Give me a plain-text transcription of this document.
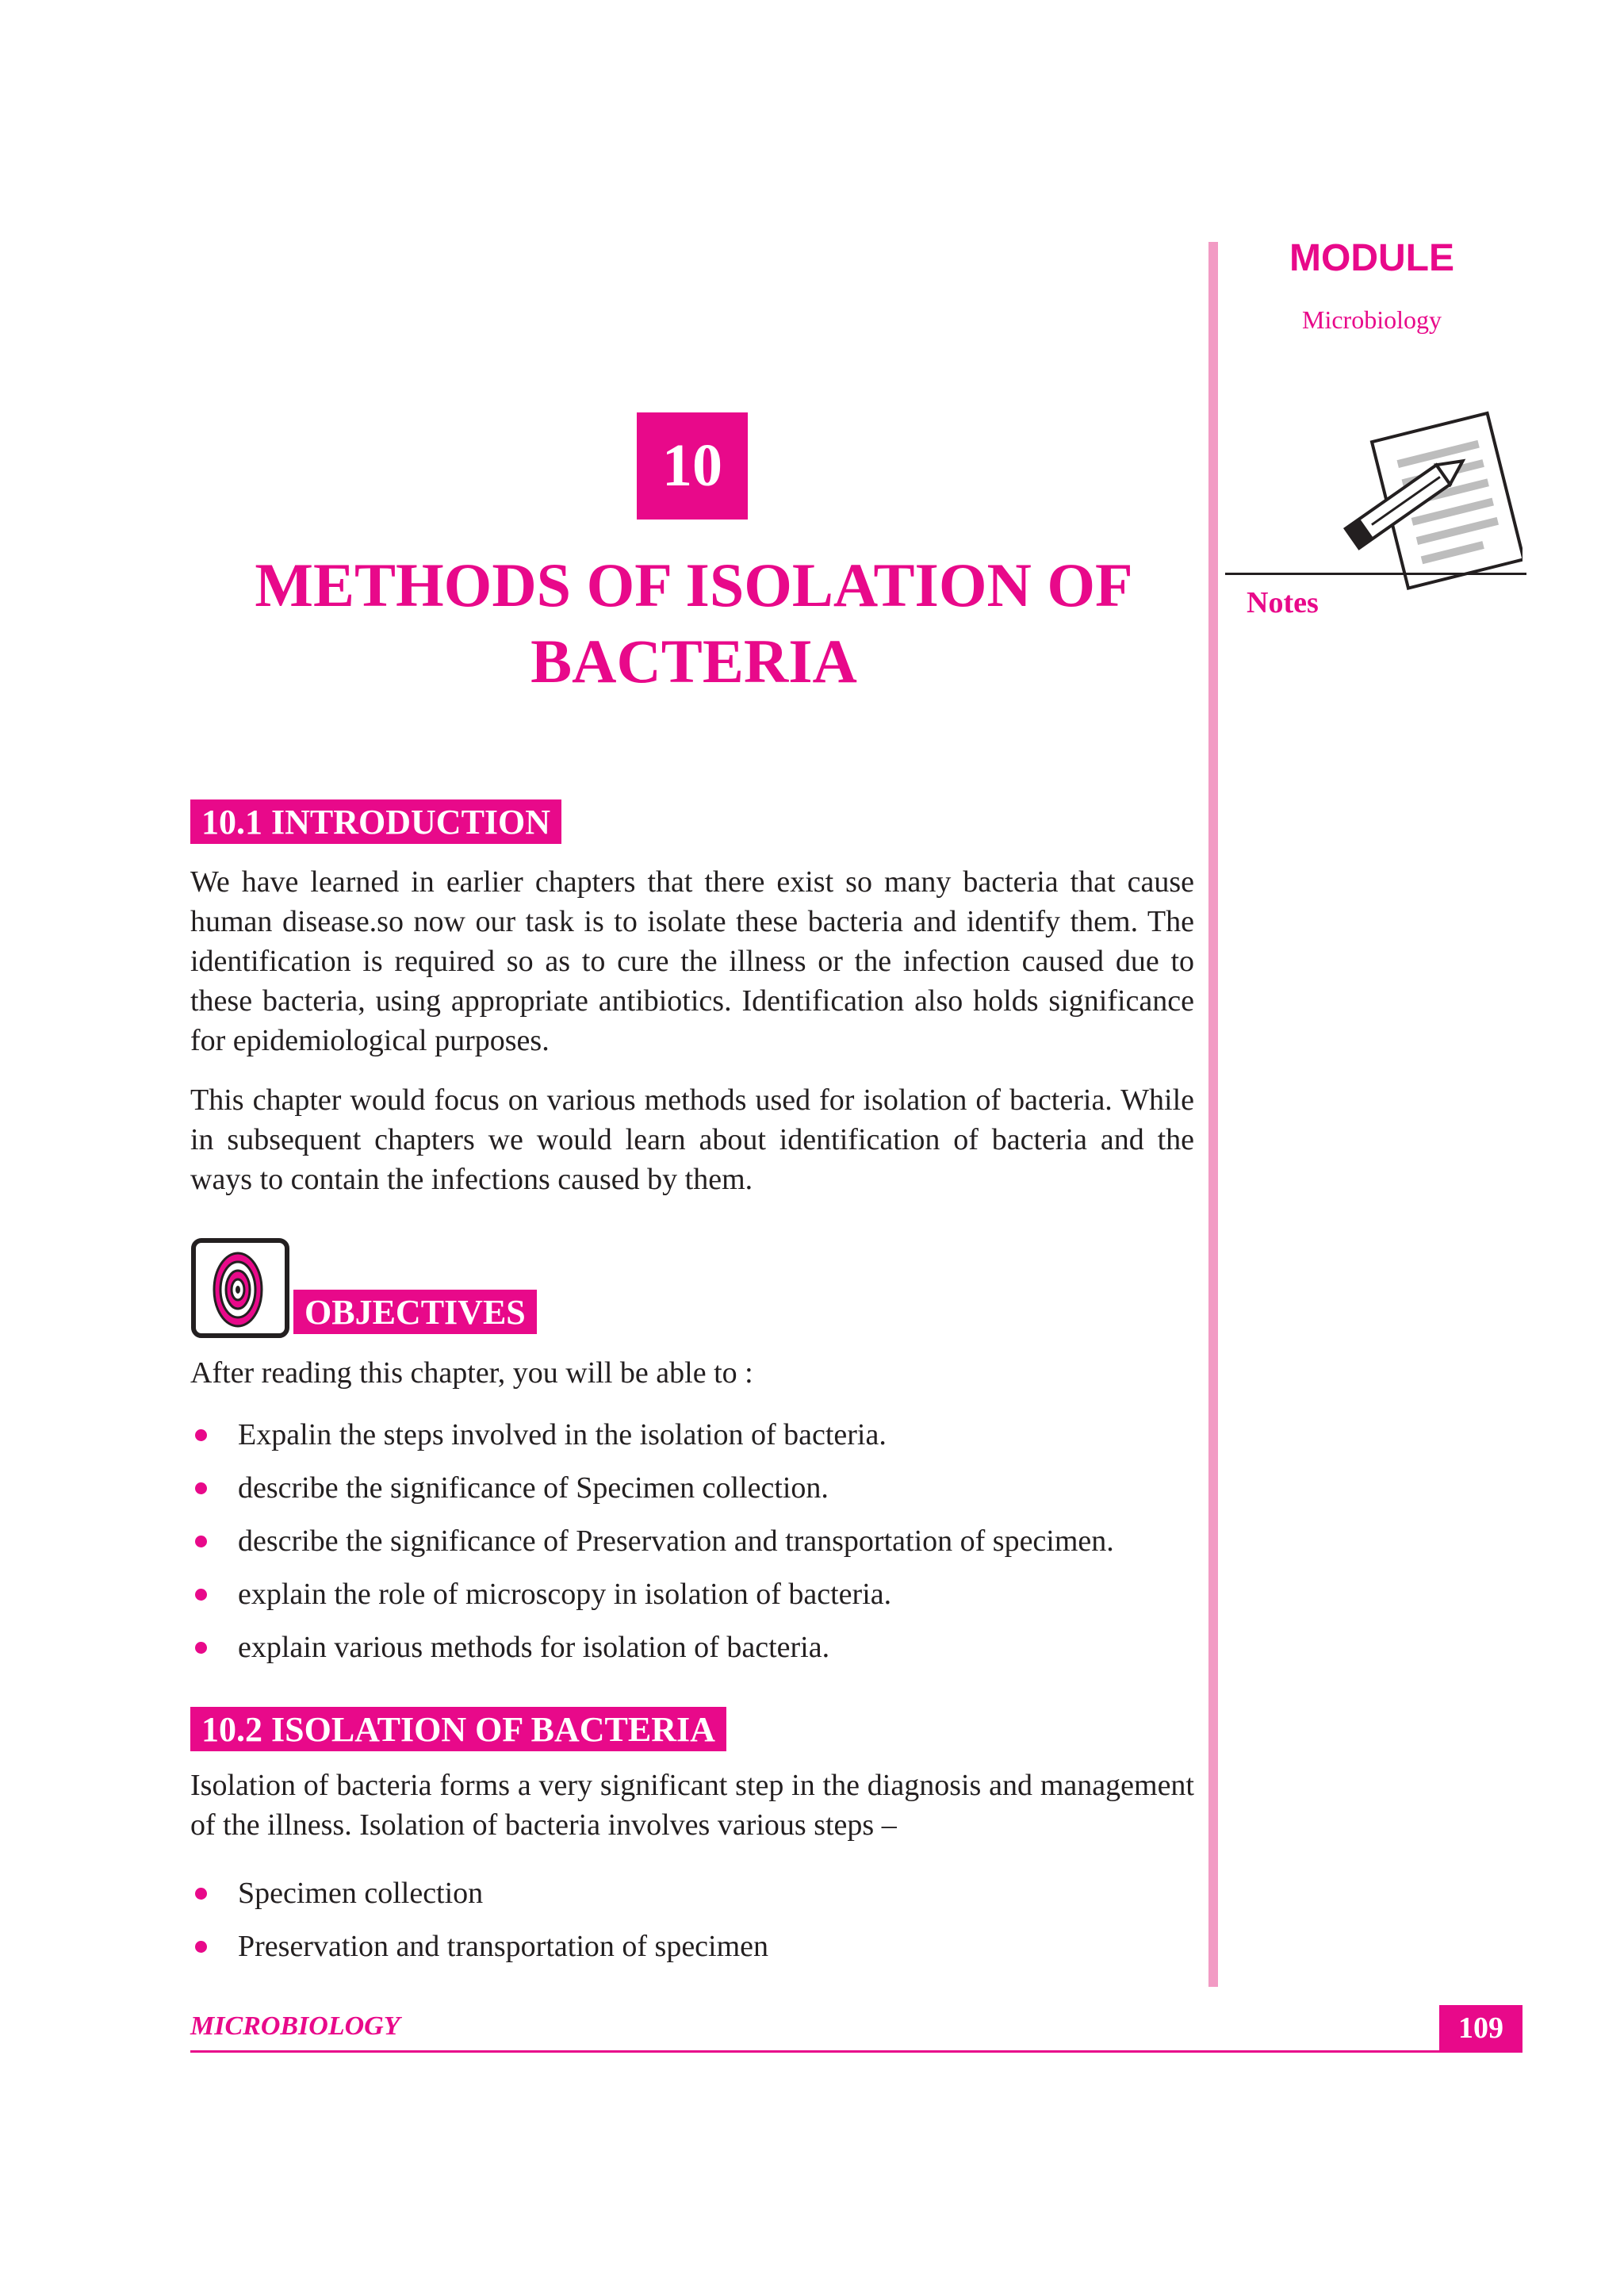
MODULE
Microbiology
Notes
10
METHODS OF ISOLATION OF
BACTERIA
10.1 INTRODUCTION
We have learned in earlier chapters that there exist so many bacteria that cause human disease.so now our task is to isolate these bacteria and identify them. The identification is required so as to cure the illness or the infection caused due to these bacteria, using appropriate antibiotics. Identification also holds significance for epidemiological purposes.
This chapter would focus on various methods used for isolation of bacteria. While in subsequent chapters we would learn about identification of bacteria and the ways to contain the infections caused by them.
OBJECTIVES
After reading this chapter, you will be able to :
Expalin the steps involved in the isolation of bacteria.
describe the significance of Specimen collection.
describe the significance of Preservation and transportation of specimen.
explain the role of microscopy in isolation of bacteria.
explain various methods for isolation of bacteria.
10.2 ISOLATION OF BACTERIA
Isolation of bacteria forms a very significant step in the diagnosis and management of the illness. Isolation of bacteria involves various steps –
Specimen collection
Preservation and transportation of specimen
MICROBIOLOGY	109
